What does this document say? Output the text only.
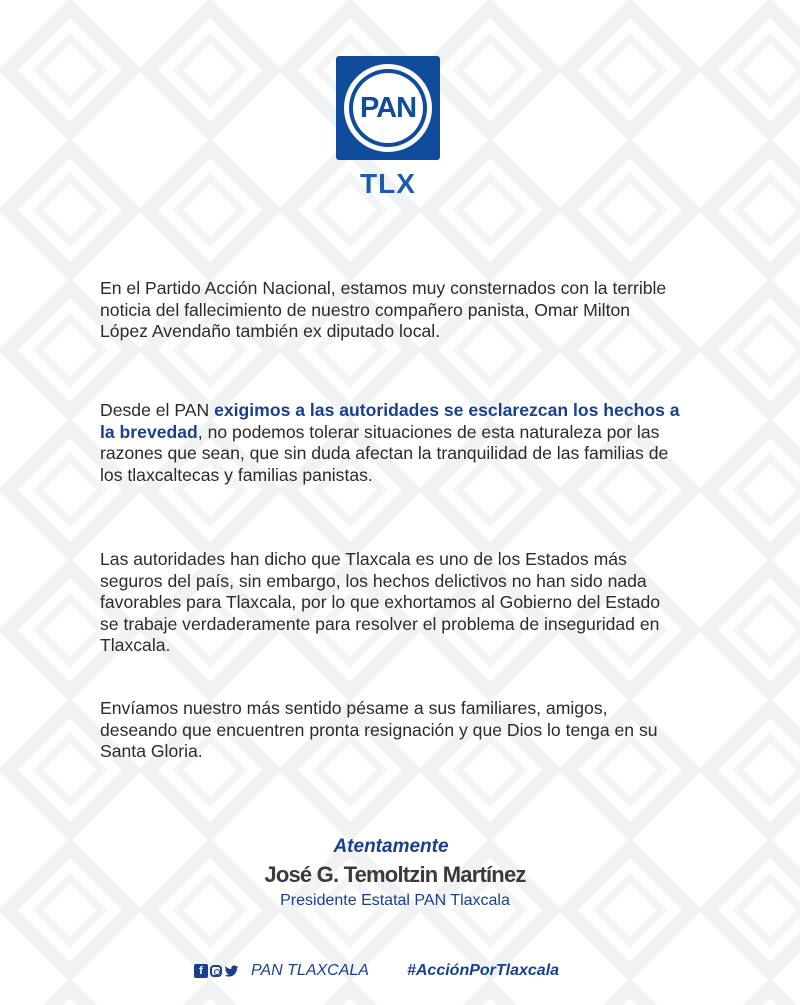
PAN
TLX

En el Partido Acción Nacional, estamos muy consternados con la terrible noticia del fallecimiento de nuestro compañero panista, Omar Milton López Avendaño también ex diputado local.

Desde el PAN exigimos a las autoridades se esclarezcan los hechos a la brevedad, no podemos tolerar situaciones de esta naturaleza por las razones que sean, que sin duda afectan la tranquilidad de las familias de los tlaxcaltecas y familias panistas.

Las autoridades han dicho que Tlaxcala es uno de los Estados más seguros del país, sin embargo, los hechos delictivos no han sido nada favorables para Tlaxcala, por lo que exhortamos al Gobierno del Estado se trabaje verdaderamente para resolver el problema de inseguridad en Tlaxcala.

Envíamos nuestro más sentido pésame a sus familiares, amigos, deseando que encuentren pronta resignación y que Dios lo tenga en su Santa Gloria.

Atentamente
José G. Temoltzin Martínez
Presidente Estatal PAN Tlaxcala
f	PAN TLAXCALA #AcciónPorTlaxcala
